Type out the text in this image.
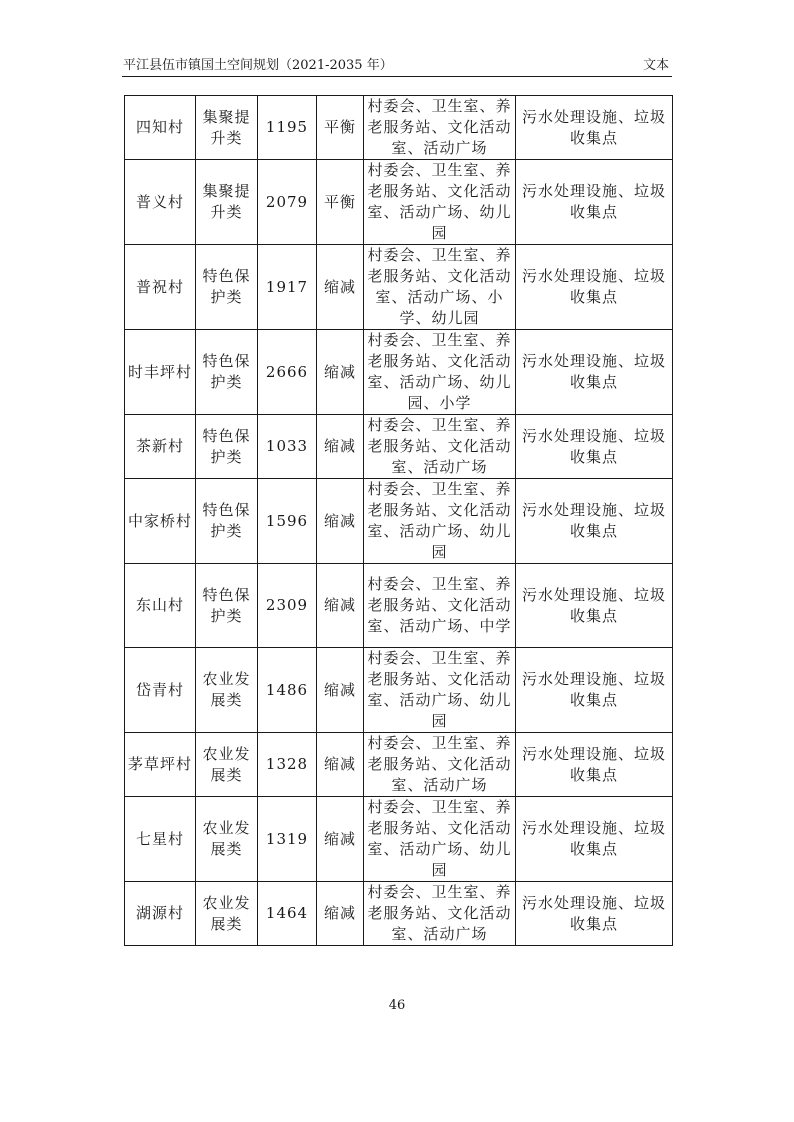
平江县伍市镇国土空间规划（2021-2035 年）	文本
四知村	集聚提升类	1195	平衡	村委会、卫生室、养老服务站、文化活动室、活动广场	污水处理设施、垃圾收集点
普义村	集聚提升类	2079	平衡	村委会、卫生室、养老服务站、文化活动室、活动广场、幼儿园	污水处理设施、垃圾收集点
普祝村	特色保护类	1917	缩减	村委会、卫生室、养老服务站、文化活动室、活动广场、小学、幼儿园	污水处理设施、垃圾收集点
时丰坪村	特色保护类	2666	缩减	村委会、卫生室、养老服务站、文化活动室、活动广场、幼儿园、小学	污水处理设施、垃圾收集点
茶新村	特色保护类	1033	缩减	村委会、卫生室、养老服务站、文化活动室、活动广场	污水处理设施、垃圾收集点
中家桥村	特色保护类	1596	缩减	村委会、卫生室、养老服务站、文化活动室、活动广场、幼儿园	污水处理设施、垃圾收集点
东山村	特色保护类	2309	缩减	村委会、卫生室、养老服务站、文化活动室、活动广场、中学	污水处理设施、垃圾收集点
岱青村	农业发展类	1486	缩减	村委会、卫生室、养老服务站、文化活动室、活动广场、幼儿园	污水处理设施、垃圾收集点
茅草坪村	农业发展类	1328	缩减	村委会、卫生室、养老服务站、文化活动室、活动广场	污水处理设施、垃圾收集点
七星村	农业发展类	1319	缩减	村委会、卫生室、养老服务站、文化活动室、活动广场、幼儿园	污水处理设施、垃圾收集点
湖源村	农业发展类	1464	缩减	村委会、卫生室、养老服务站、文化活动室、活动广场	污水处理设施、垃圾收集点
46
